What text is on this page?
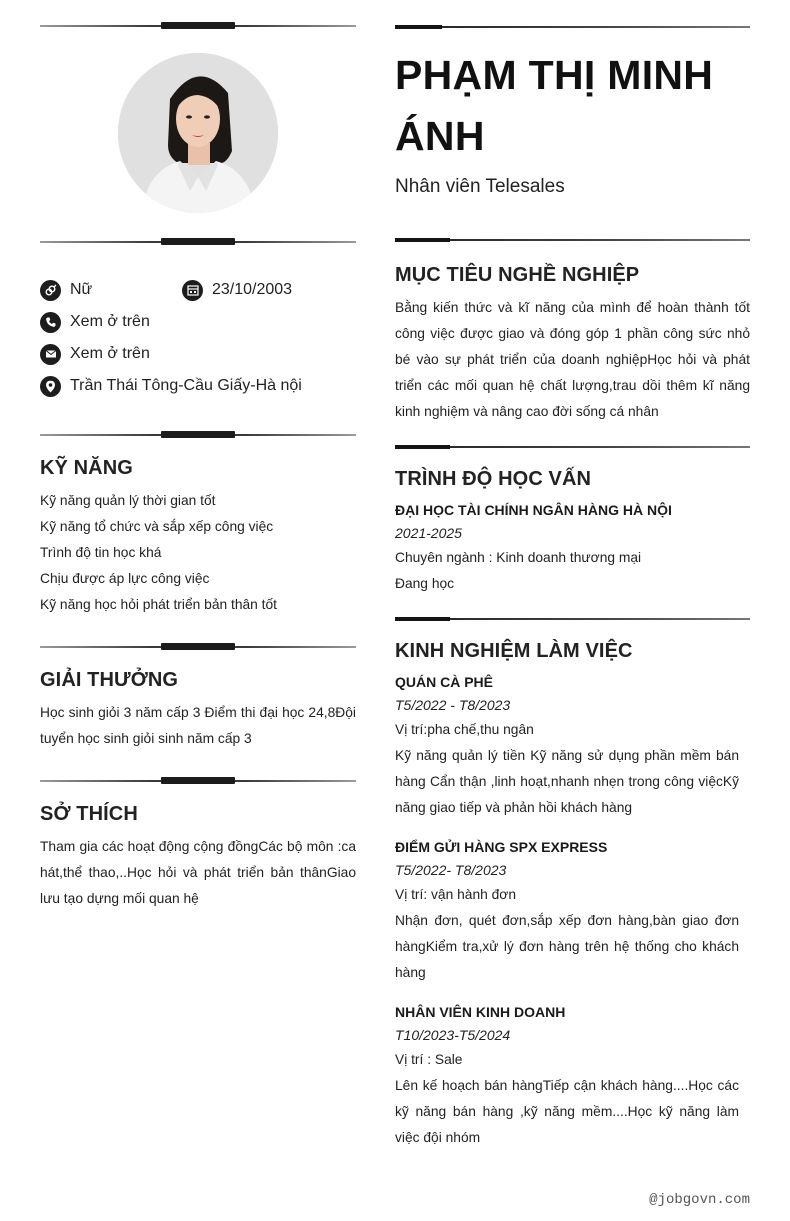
Nữ	23/10/2003
Xem ở trên
Xem ở trên
Trần Thái Tông-Cầu Giấy-Hà nội
KỸ NĂNG
Kỹ năng quản lý thời gian tốt
Kỹ năng tổ chức và sắp xếp công việc
Trình độ tin học khá
Chịu được áp lực công việc
Kỹ năng học hỏi phát triển bản thân tốt
GIẢI THƯỞNG
Học sinh giỏi 3 năm cấp 3 Điểm thi đại học 24,8Đội tuyển học sinh giỏi sinh năm cấp 3
SỞ THÍCH
Tham gia các hoạt động cộng đồngCác bộ môn :ca hát,thể thao,..Học hỏi và phát triển bản thânGiao lưu tạo dựng mối quan hệ
PHẠM THỊ MINH ÁNH
Nhân viên Telesales
MỤC TIÊU NGHỀ NGHIỆP
Bằng kiến thức và kĩ năng của mình để hoàn thành tốt công việc được giao và đóng góp 1 phần công sức nhỏ bé vào sự phát triển của doanh nghiệpHọc hỏi và phát triển các mối quan hệ chất lượng,trau dồi thêm kĩ năng kinh nghiệm và nâng cao đời sống cá nhân
TRÌNH ĐỘ HỌC VẤN
ĐẠI HỌC TÀI CHÍNH NGÂN HÀNG HÀ NỘI
2021-2025
Chuyên ngành : Kinh doanh thương mại
Đang học
KINH NGHIỆM LÀM VIỆC
QUÁN CÀ PHÊ
T5/2022 - T8/2023
Vị trí:pha chế,thu ngân
Kỹ năng quản lý tiền Kỹ năng sử dụng phần mềm bán hàng Cẩn thận ,linh hoạt,nhanh nhẹn trong công việcKỹ năng giao tiếp và phản hồi khách hàng
ĐIỂM GỬI HÀNG SPX EXPRESS
T5/2022- T8/2023
Vị trí: vận hành đơn
Nhận đơn, quét đơn,sắp xếp đơn hàng,bàn giao đơn hàngKiểm tra,xử lý đơn hàng trên hệ thống cho khách hàng
NHÂN VIÊN KINH DOANH
T10/2023-T5/2024
Vị trí : Sale
Lên kế hoạch bán hàngTiếp cận khách hàng....Học các kỹ năng bán hàng ,kỹ năng mềm....Học kỹ năng làm việc đội nhóm
@jobgovn.com
